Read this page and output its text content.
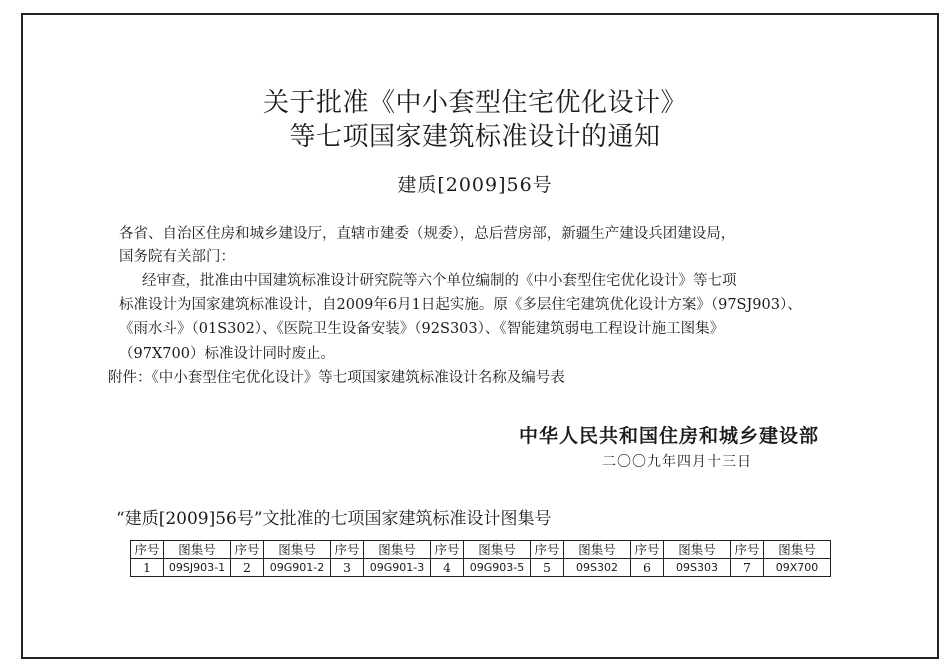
关于批准《中小套型住宅优化设计》
等七项国家建筑标准设计的通知
建质[2009]56号
各省、自治区住房和城乡建设厅，直辖市建委（规委），总后营房部，新疆生产建设兵团建设局，
国务院有关部门：
经审查，批准由中国建筑标准设计研究院等六个单位编制的《中小套型住宅优化设计》等七项
标准设计为国家建筑标准设计，自2009年6月1日起实施。原《多层住宅建筑优化设计方案》（97SJ903）、
《雨水斗》（01S302）、《医院卫生设备安装》（92S303）、《智能建筑弱电工程设计施工图集》
（97X700）标准设计同时废止。
附件：《中小套型住宅优化设计》等七项国家建筑标准设计名称及编号表
中华人民共和国住房和城乡建设部
二〇〇九年四月十三日
“建质[2009]56号”文批准的七项国家建筑标准设计图集号
序号	图集号	序号	图集号	序号	图集号	序号	图集号	序号	图集号	序号	图集号	序号	图集号
1	09SJ903-1	2	09G901-2	3	09G901-3	4	09G903-5	5	09S302	6	09S303	7	09X700
